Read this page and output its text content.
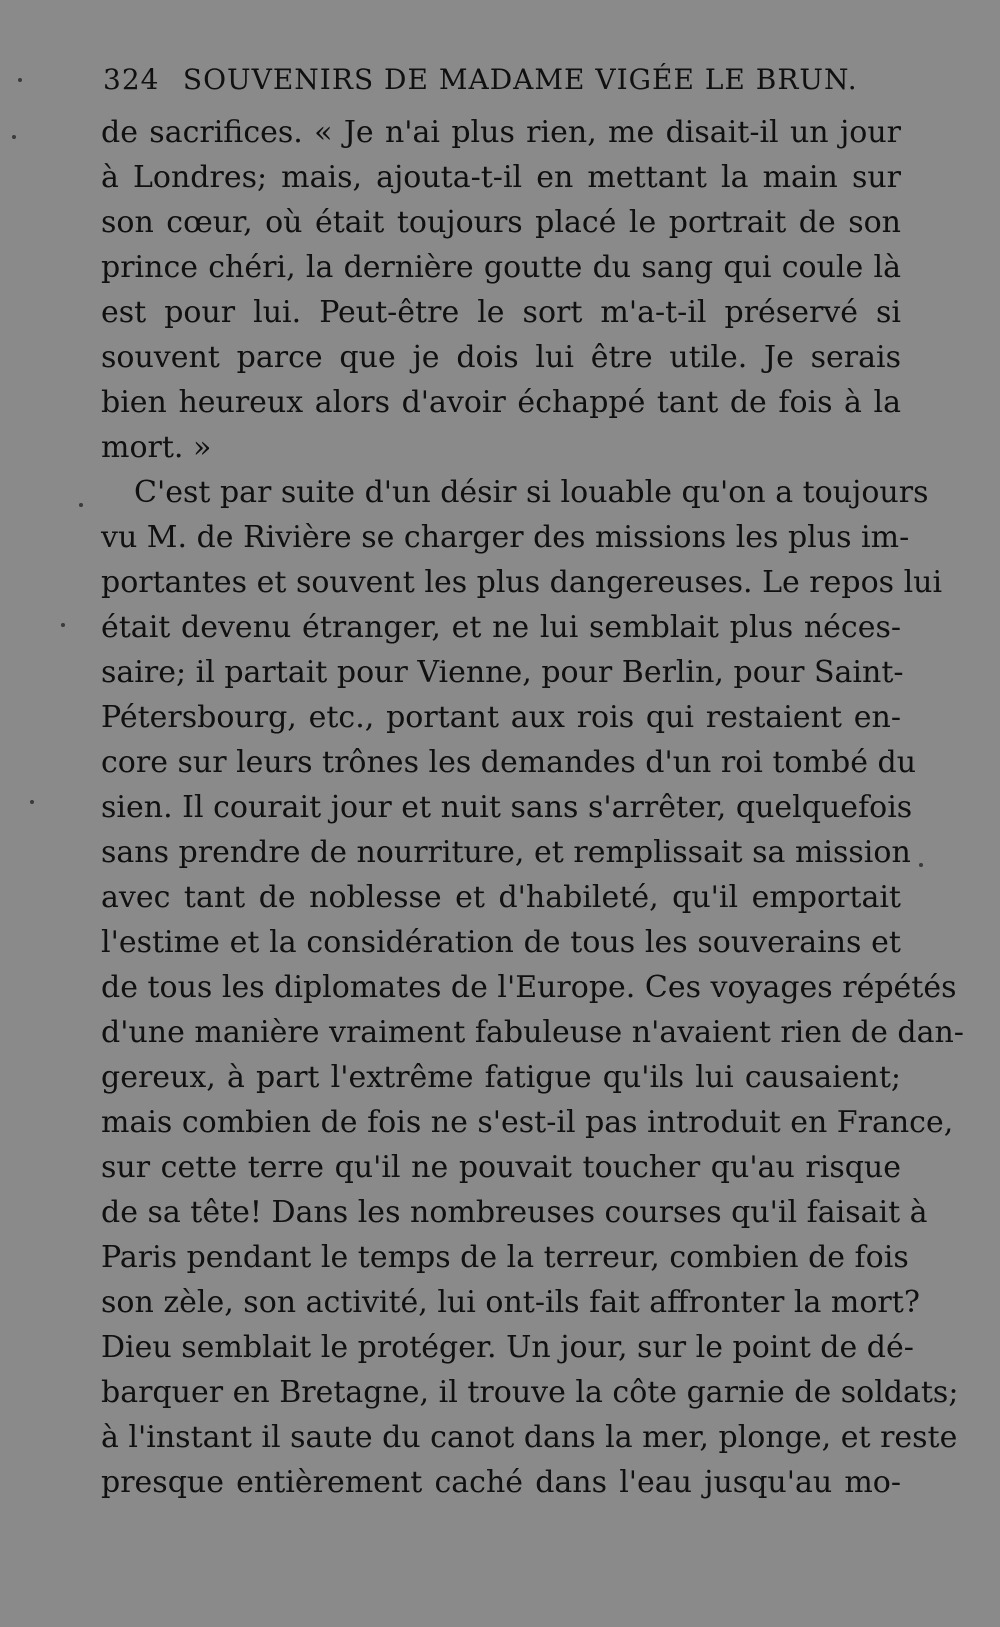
324 SOUVENIRS DE MADAME VIGÉE LE BRUN.
de sacrifices. « Je n'ai plus rien, me disait-il un jour
à Londres; mais, ajouta-t-il en mettant la main sur
son cœur, où était toujours placé le portrait de son
prince chéri, la dernière goutte du sang qui coule là
est pour lui. Peut-être le sort m'a-t-il préservé si
souvent parce que je dois lui être utile. Je serais
bien heureux alors d'avoir échappé tant de fois à la
mort. »
C'est par suite d'un désir si louable qu'on a toujours
vu M. de Rivière se charger des missions les plus im-
portantes et souvent les plus dangereuses. Le repos lui
était devenu étranger, et ne lui semblait plus néces-
saire; il partait pour Vienne, pour Berlin, pour Saint-
Pétersbourg, etc., portant aux rois qui restaient en-
core sur leurs trônes les demandes d'un roi tombé du
sien. Il courait jour et nuit sans s'arrêter, quelquefois
sans prendre de nourriture, et remplissait sa mission
avec tant de noblesse et d'habileté, qu'il emportait
l'estime et la considération de tous les souverains et
de tous les diplomates de l'Europe. Ces voyages répétés
d'une manière vraiment fabuleuse n'avaient rien de dan-
gereux, à part l'extrême fatigue qu'ils lui causaient;
mais combien de fois ne s'est-il pas introduit en France,
sur cette terre qu'il ne pouvait toucher qu'au risque
de sa tête! Dans les nombreuses courses qu'il faisait à
Paris pendant le temps de la terreur, combien de fois
son zèle, son activité, lui ont-ils fait affronter la mort?
Dieu semblait le protéger. Un jour, sur le point de dé-
barquer en Bretagne, il trouve la côte garnie de soldats;
à l'instant il saute du canot dans la mer, plonge, et reste
presque entièrement caché dans l'eau jusqu'au mo-
